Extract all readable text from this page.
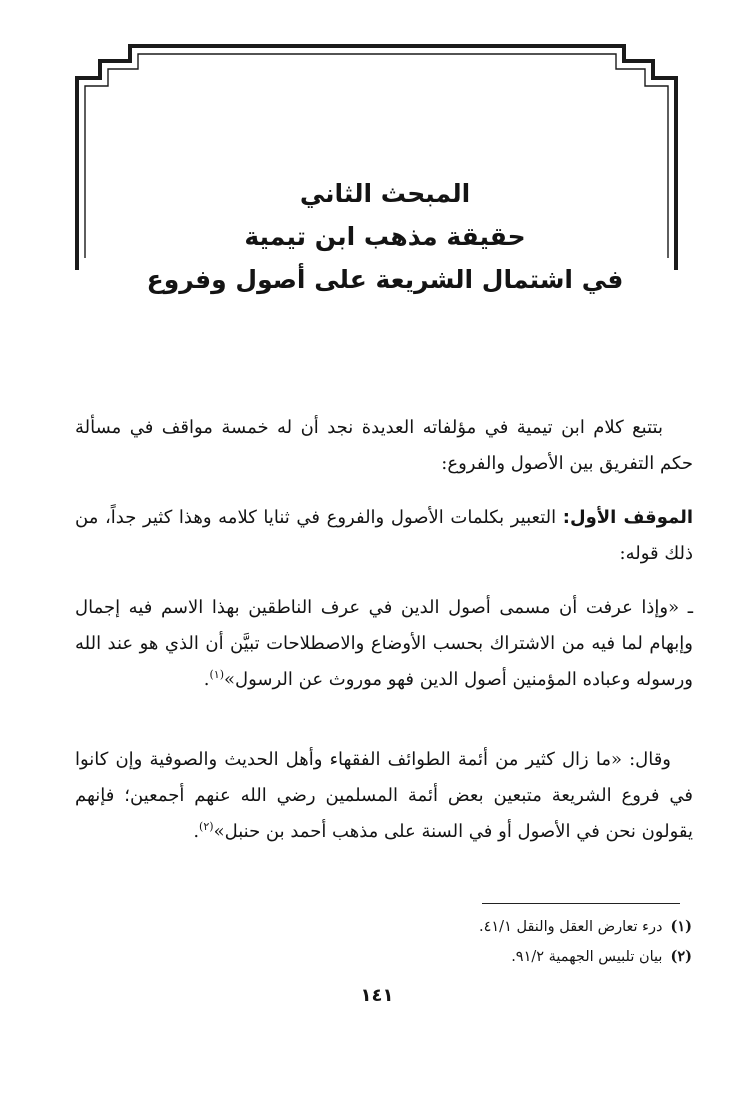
المبحث الثاني
حقيقة مذهب ابن تيمية
في اشتمال الشريعة على أصول وفروع

بتتبع كلام ابن تيمية في مؤلفاته العديدة نجد أن له خمسة مواقف في مسألة حكم التفريق بين الأصول والفروع:

الموقف الأول: التعبير بكلمات الأصول والفروع في ثنايا كلامه وهذا كثير جداً، من ذلك قوله:

ـ «وإذا عرفت أن مسمى أصول الدين في عرف الناطقين بهذا الاسم فيه إجمال وإبهام لما فيه من الاشتراك بحسب الأوضاع والاصطلاحات تبيَّن أن الذي هو عند الله ورسوله وعباده المؤمنين أصول الدين فهو موروث عن الرسول»$^{(١)}$.

وقال: «ما زال كثير من أئمة الطوائف الفقهاء وأهل الحديث والصوفية وإن كانوا في فروع الشريعة متبعين بعض أئمة المسلمين رضي الله عنهم أجمعين؛ فإنهم يقولون نحن في الأصول أو في السنة على مذهب أحمد بن حنبل»$^{(٢)}$.

(١)درء تعارض العقل والنقل ٤١/١.
(٢)بيان تلبيس الجهمية ٩١/٢.
١٤١
